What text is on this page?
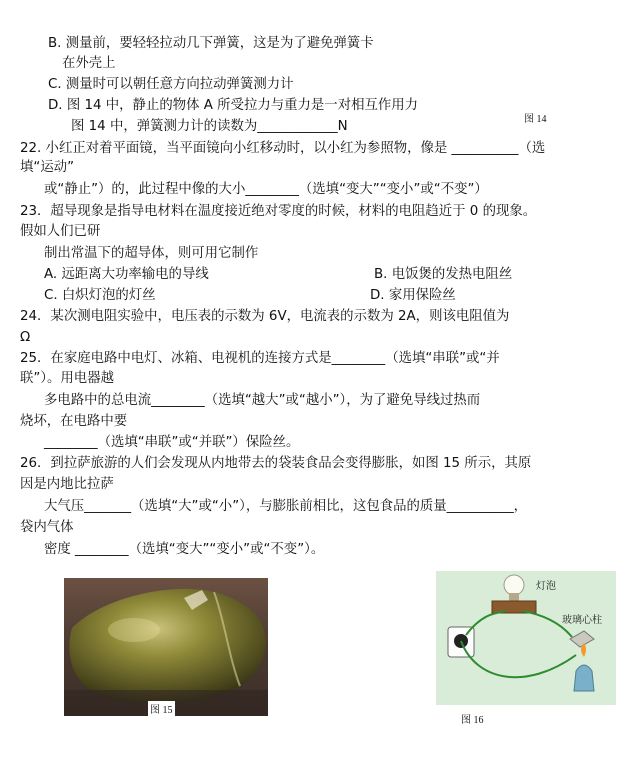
B. 测量前，要轻轻拉动几下弹簧，这是为了避免弹簧卡
在外壳上
C. 测量时可以朝任意方向拉动弹簧测力计
D. 图 14 中，静止的物体 A 所受拉力与重力是一对相互作用力
图 14
图 14 中，弹簧测力计的读数为____________N
22. 小红正对着平面镜，当平面镜向小红移动时，以小红为参照物，像是 __________（选
填“运动”
或“静止”）的，此过程中像的大小________（选填“变大”“变小”或“不变”）
23．超导现象是指导电材料在温度接近绝对零度的时候，材料的电阻趋近于 0 的现象。
假如人们已研
制出常温下的超导体，则可用它制作
A. 远距离大功率输电的导线	B. 电饭煲的发热电阻丝
C. 白炽灯泡的灯丝	D. 家用保险丝
24．某次测电阻实验中，电压表的示数为 6V，电流表的示数为 2A，则该电阻值为
Ω
25．在家庭电路中电灯、冰箱、电视机的连接方式是________（选填“串联”或“并
联”）。用电器越
多电路中的总电流________（选填“越大”或“越小”），为了避免导线过热而
烧坏，在电路中要
________（选填“串联”或“并联”）保险丝。
26．到拉萨旅游的人们会发现从内地带去的袋装食品会变得膨胀，如图 15 所示，其原
因是内地比拉萨
大气压_______（选填“大”或“小”），与膨胀前相比，这包食品的质量__________，
袋内气体
密度 ________（选填“变大”“变小”或“不变”）。
图 15
灯泡
玻璃心柱
图 16
